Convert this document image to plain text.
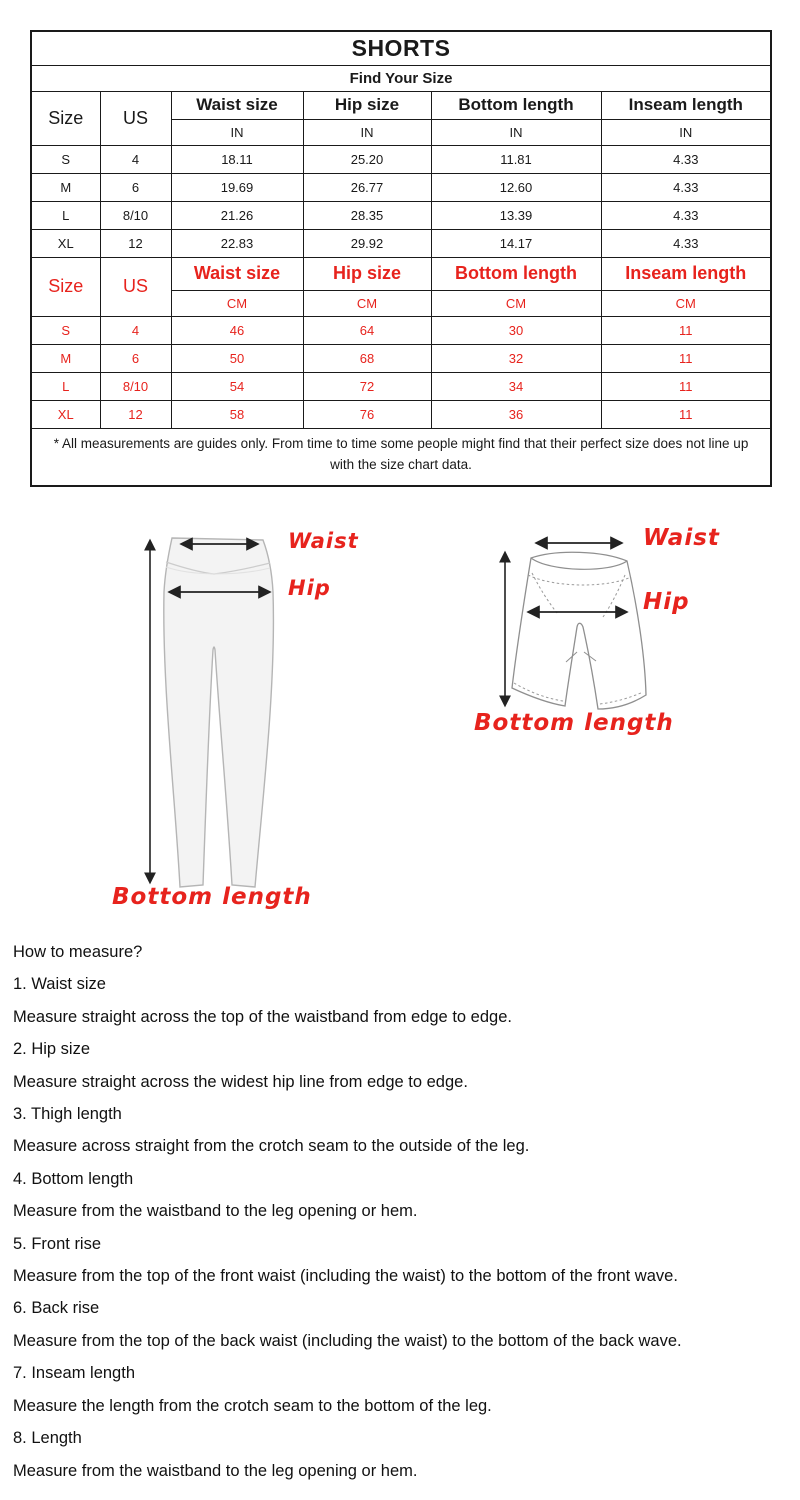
SHORTS					
Find Your Size					
Size	US	Waist size	Hip size	Bottom length	Inseam length
		IN	IN	IN	IN
S	4	18.11	25.20	11.81	4.33
M	6	19.69	26.77	12.60	4.33
L	8/10	21.26	28.35	13.39	4.33
XL	12	22.83	29.92	14.17	4.33
Size	US	Waist size	Hip size	Bottom length	Inseam length
		CM	CM	CM	CM
S	4	46	64	30	11
M	6	50	68	32	11
L	8/10	54	72	34	11
XL	12	58	76	36	11
* All measurements are guides only. From time to time some people might find that their perfect size does not line up with the size chart data.					
Waist
Hip
Bottom length
Waist
Hip
Bottom length
How to measure?
1. Waist size
Measure straight across the top of the waistband from edge to edge.
2. Hip size
Measure straight across the widest hip line from edge to edge.
3. Thigh length
Measure across straight from the crotch seam to the outside of the leg.
4. Bottom length
Measure from the waistband to the leg opening or hem.
5. Front rise
Measure from the top of the front waist (including the waist) to the bottom of the front wave.
6. Back rise
Measure from the top of the back waist (including the waist) to the bottom of the back wave.
7. Inseam length
Measure the length from the crotch seam to the bottom of the leg.
8. Length
Measure from the waistband to the leg opening or hem.
